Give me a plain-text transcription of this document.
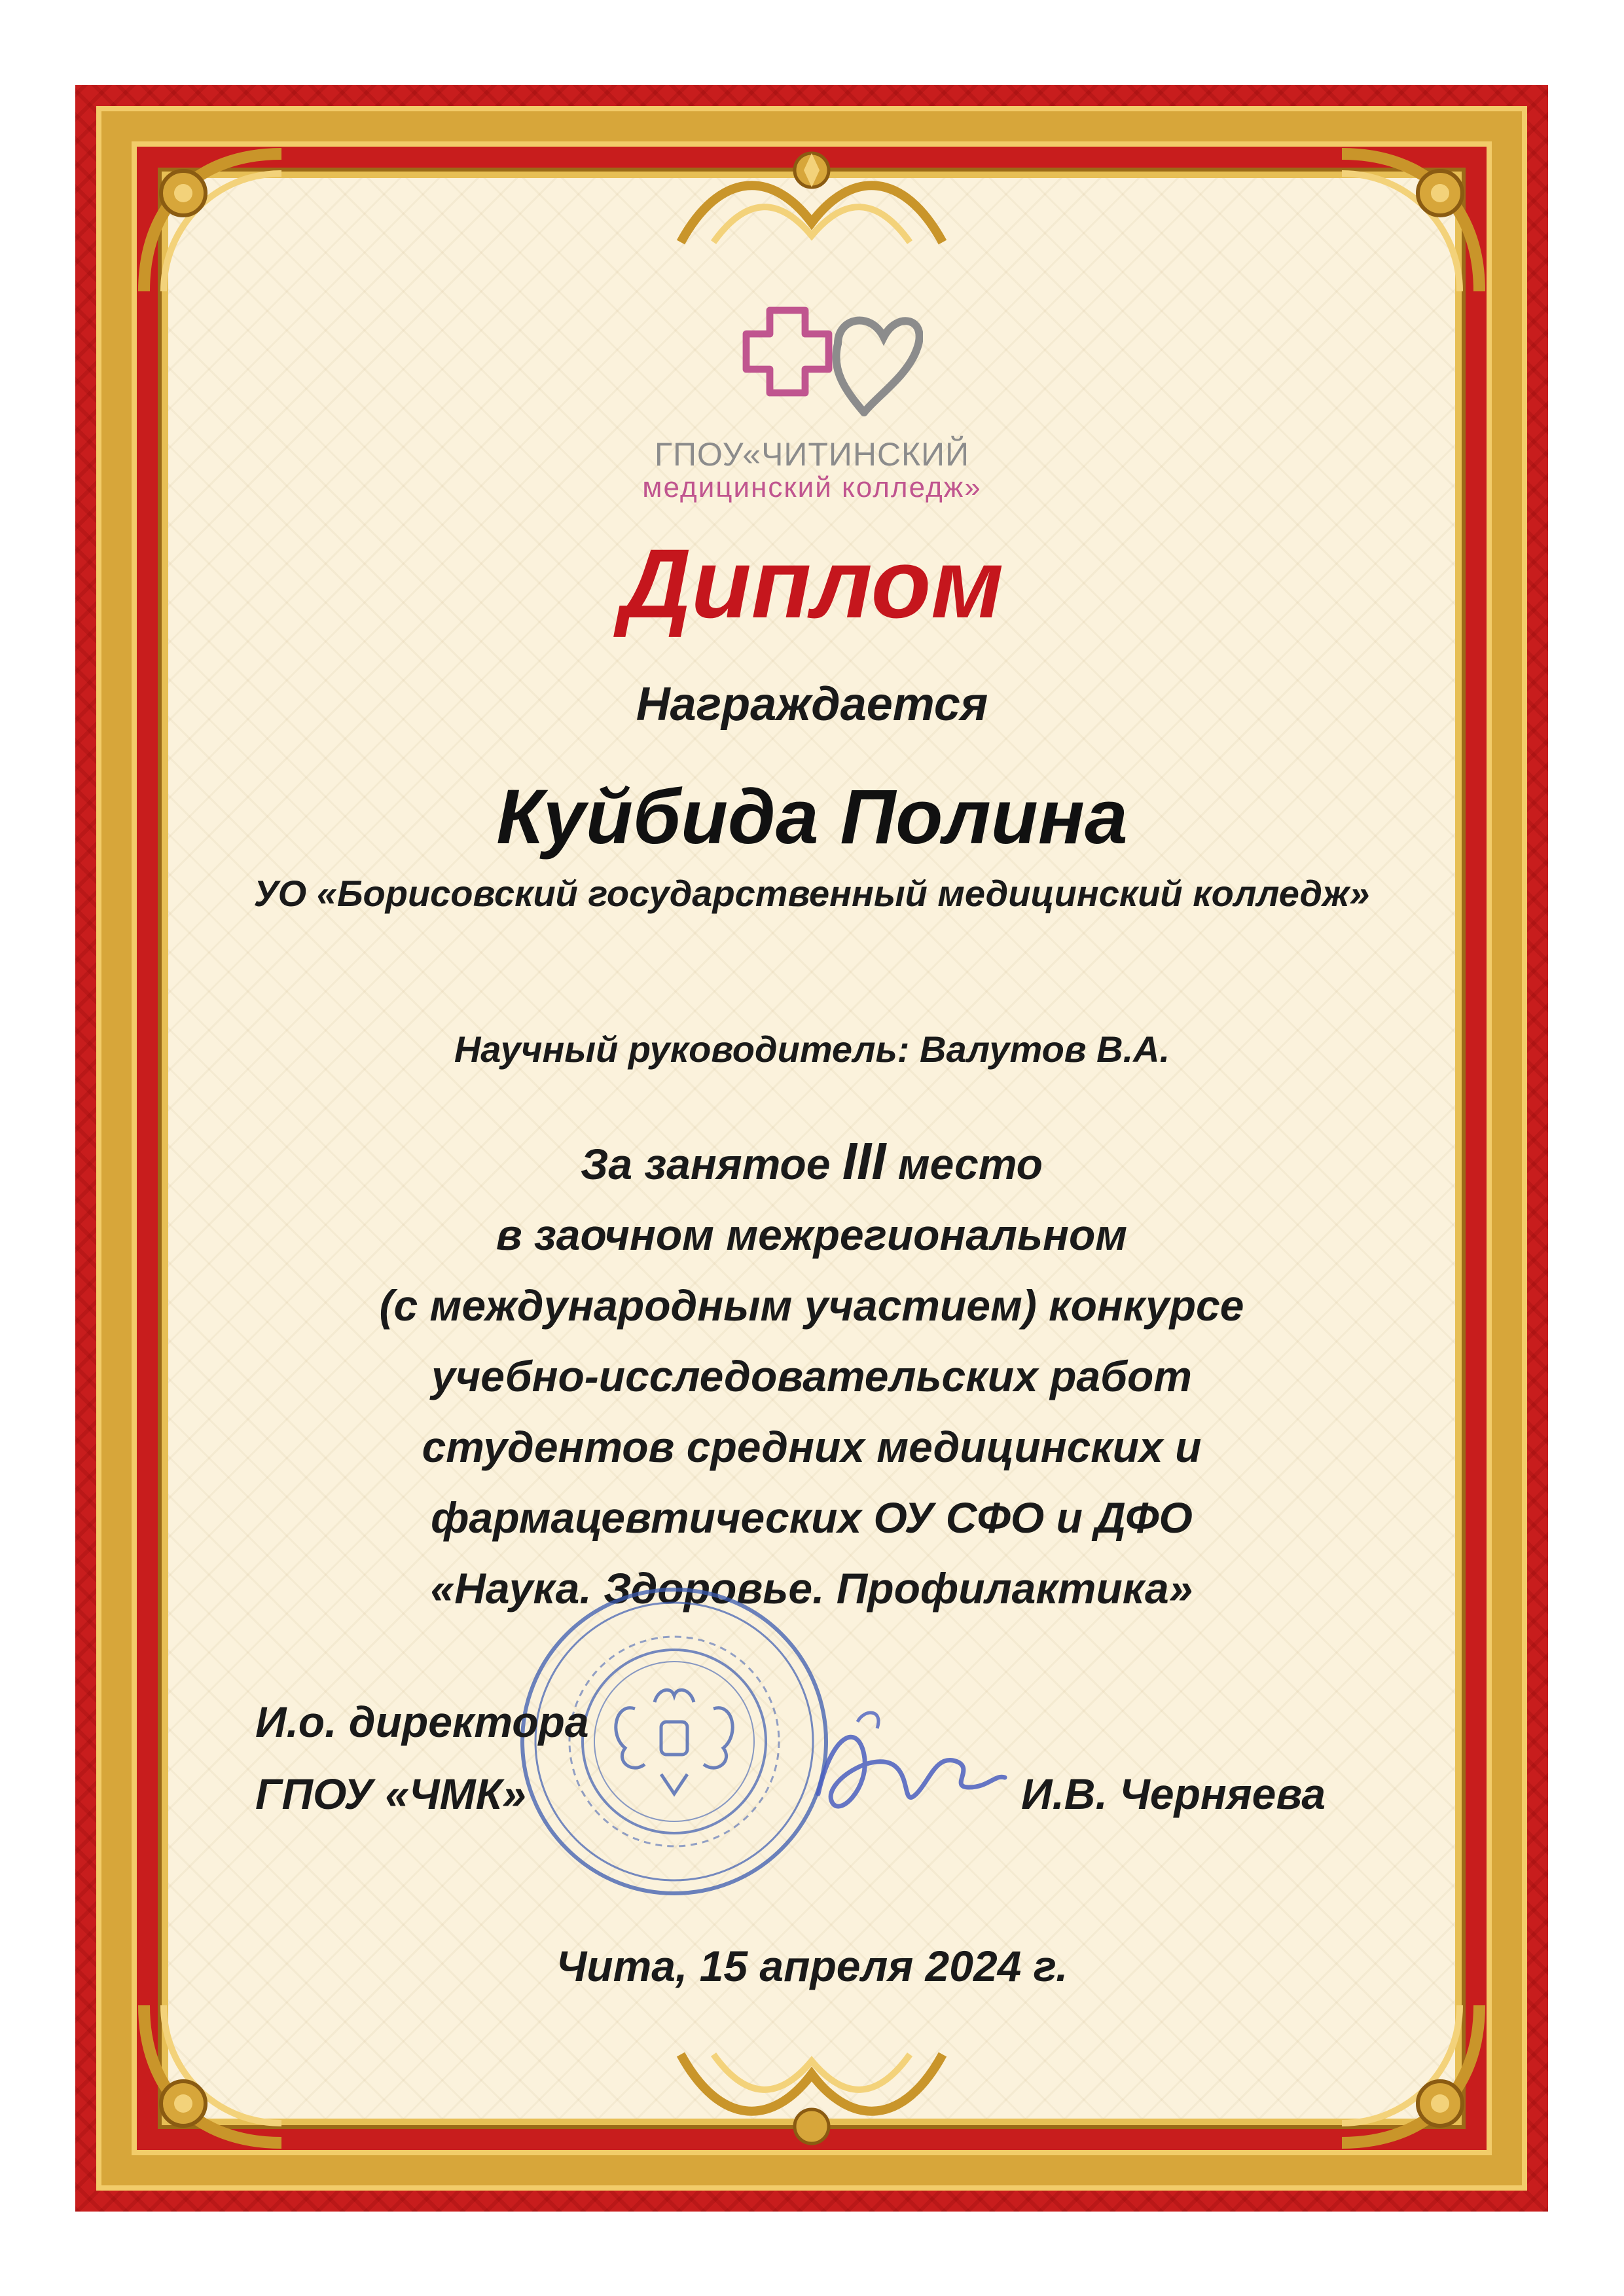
ГПОУ«ЧИТИНСКИЙ
медицинский колледж»
Диплом
Награждается
Куйбида Полина
УО «Борисовский государственный медицинский колледж»
Научный руководитель: Валутов В.А.
За занятое III место
в заочном межрегиональном
(с международным участием) конкурсе
учебно-исследовательских работ
студентов средних медицинских и
фармацевтических ОУ СФО и ДФО
«Наука. Здоровье. Профилактика»
И.о. директора
ГПОУ «ЧМК»	И.В. Черняева
Чита, 15 апреля 2024 г.
